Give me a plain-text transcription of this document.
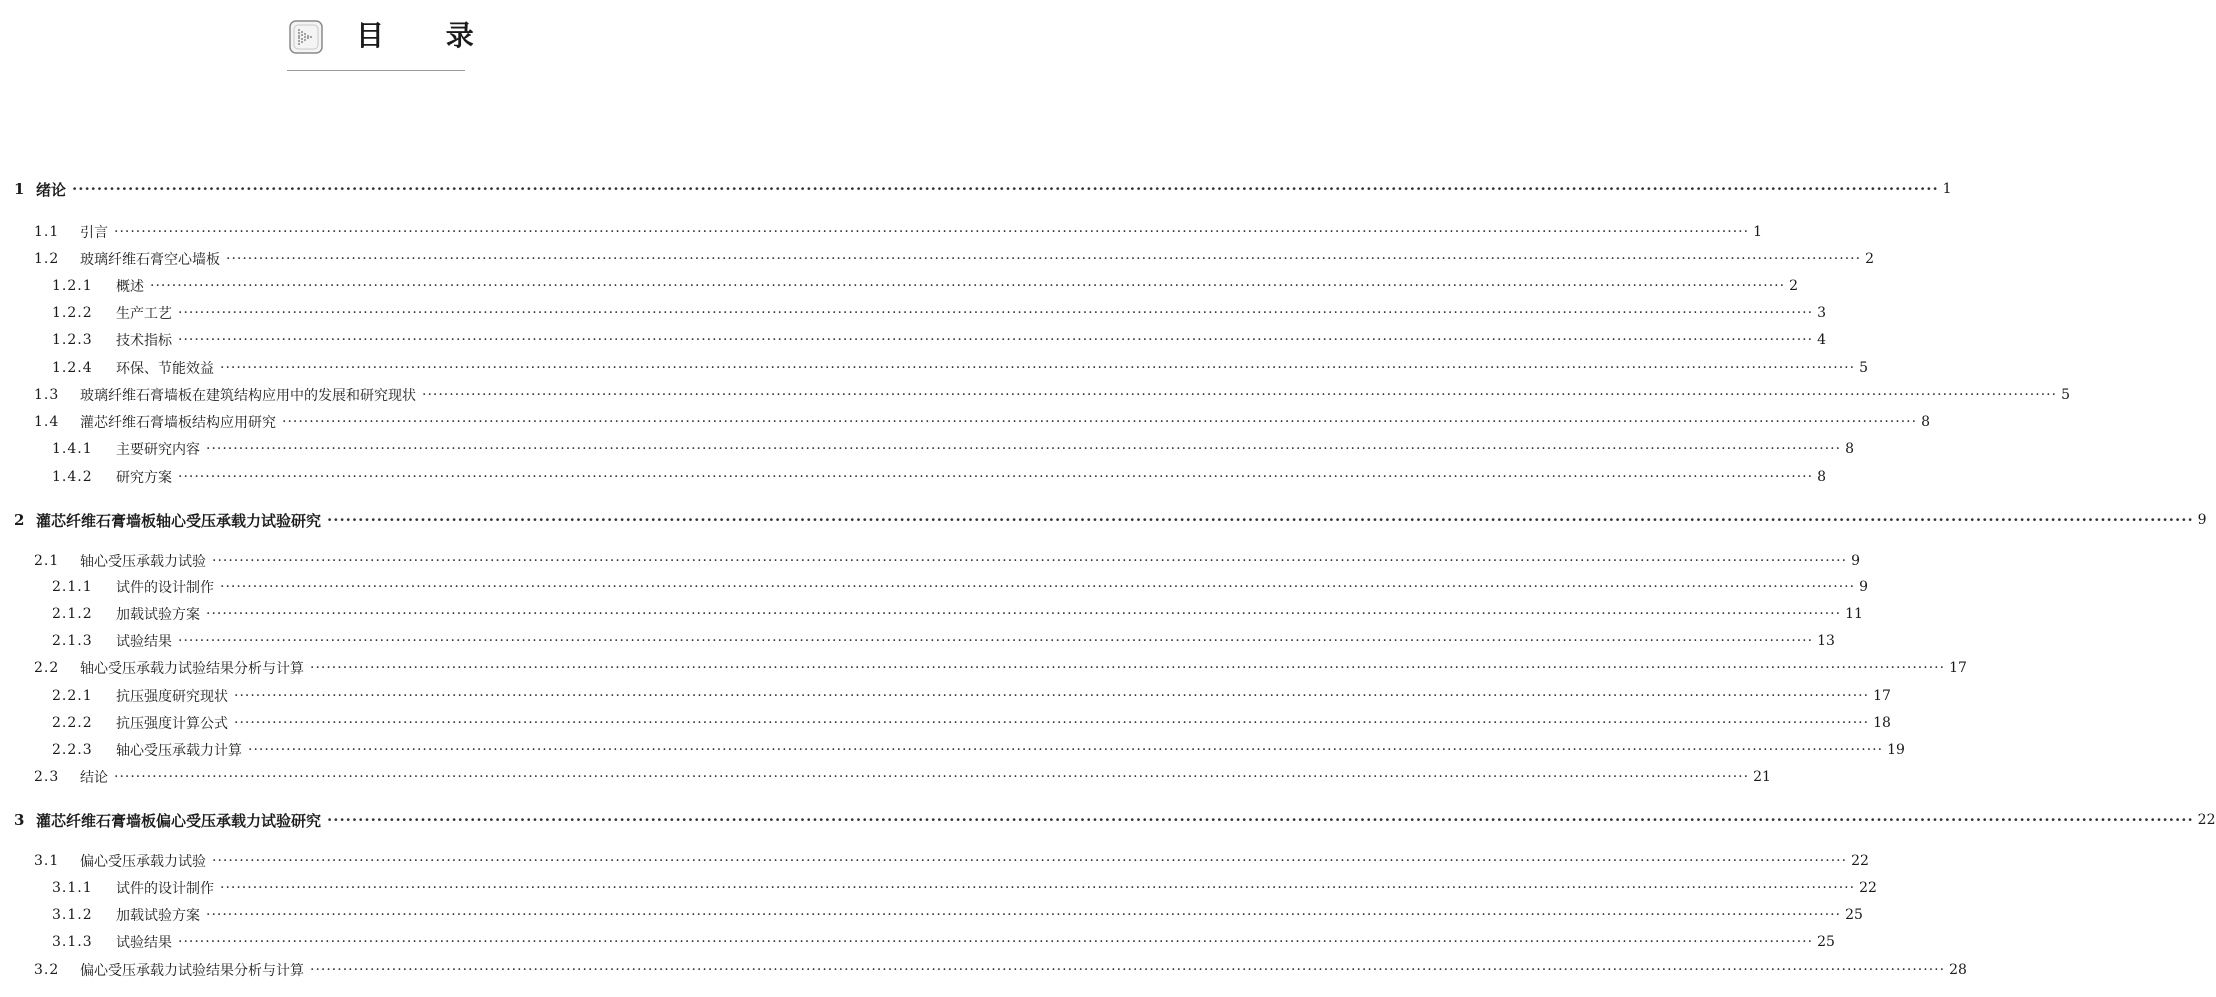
目 录
1 绪论 ············································································································································································································································································································ 1
1.1	引言 ············································································································································································································································································································ 1
1.2	玻璃纤维石膏空心墙板 ············································································································································································································································································································ 2
1.2.1	概述 ············································································································································································································································································································ 2
1.2.2	生产工艺 ············································································································································································································································································································ 3
1.2.3	技术指标 ············································································································································································································································································································ 4
1.2.4	环保、节能效益 ············································································································································································································································································································ 5
1.3	玻璃纤维石膏墙板在建筑结构应用中的发展和研究现状 ············································································································································································································································································································ 5
1.4	灌芯纤维石膏墙板结构应用研究 ············································································································································································································································································································ 8
1.4.1	主要研究内容 ············································································································································································································································································································ 8
1.4.2	研究方案 ············································································································································································································································································································ 8
2 灌芯纤维石膏墙板轴心受压承载力试验研究 ············································································································································································································································································································ 9
2.1	轴心受压承载力试验 ············································································································································································································································································································ 9
2.1.1	试件的设计制作 ············································································································································································································································································································ 9
2.1.2	加载试验方案 ············································································································································································································································································································ 11
2.1.3	试验结果 ············································································································································································································································································································ 13
2.2	轴心受压承载力试验结果分析与计算 ············································································································································································································································································································ 17
2.2.1	抗压强度研究现状 ············································································································································································································································································································ 17
2.2.2	抗压强度计算公式 ············································································································································································································································································································ 18
2.2.3	轴心受压承载力计算 ············································································································································································································································································································ 19
2.3	结论 ············································································································································································································································································································ 21
3 灌芯纤维石膏墙板偏心受压承载力试验研究 ············································································································································································································································································································ 22
3.1	偏心受压承载力试验 ············································································································································································································································································································ 22
3.1.1	试件的设计制作 ············································································································································································································································································································ 22
3.1.2	加载试验方案 ············································································································································································································································································································ 25
3.1.3	试验结果 ············································································································································································································································································································ 25
3.2	偏心受压承载力试验结果分析与计算 ············································································································································································································································································································ 28
